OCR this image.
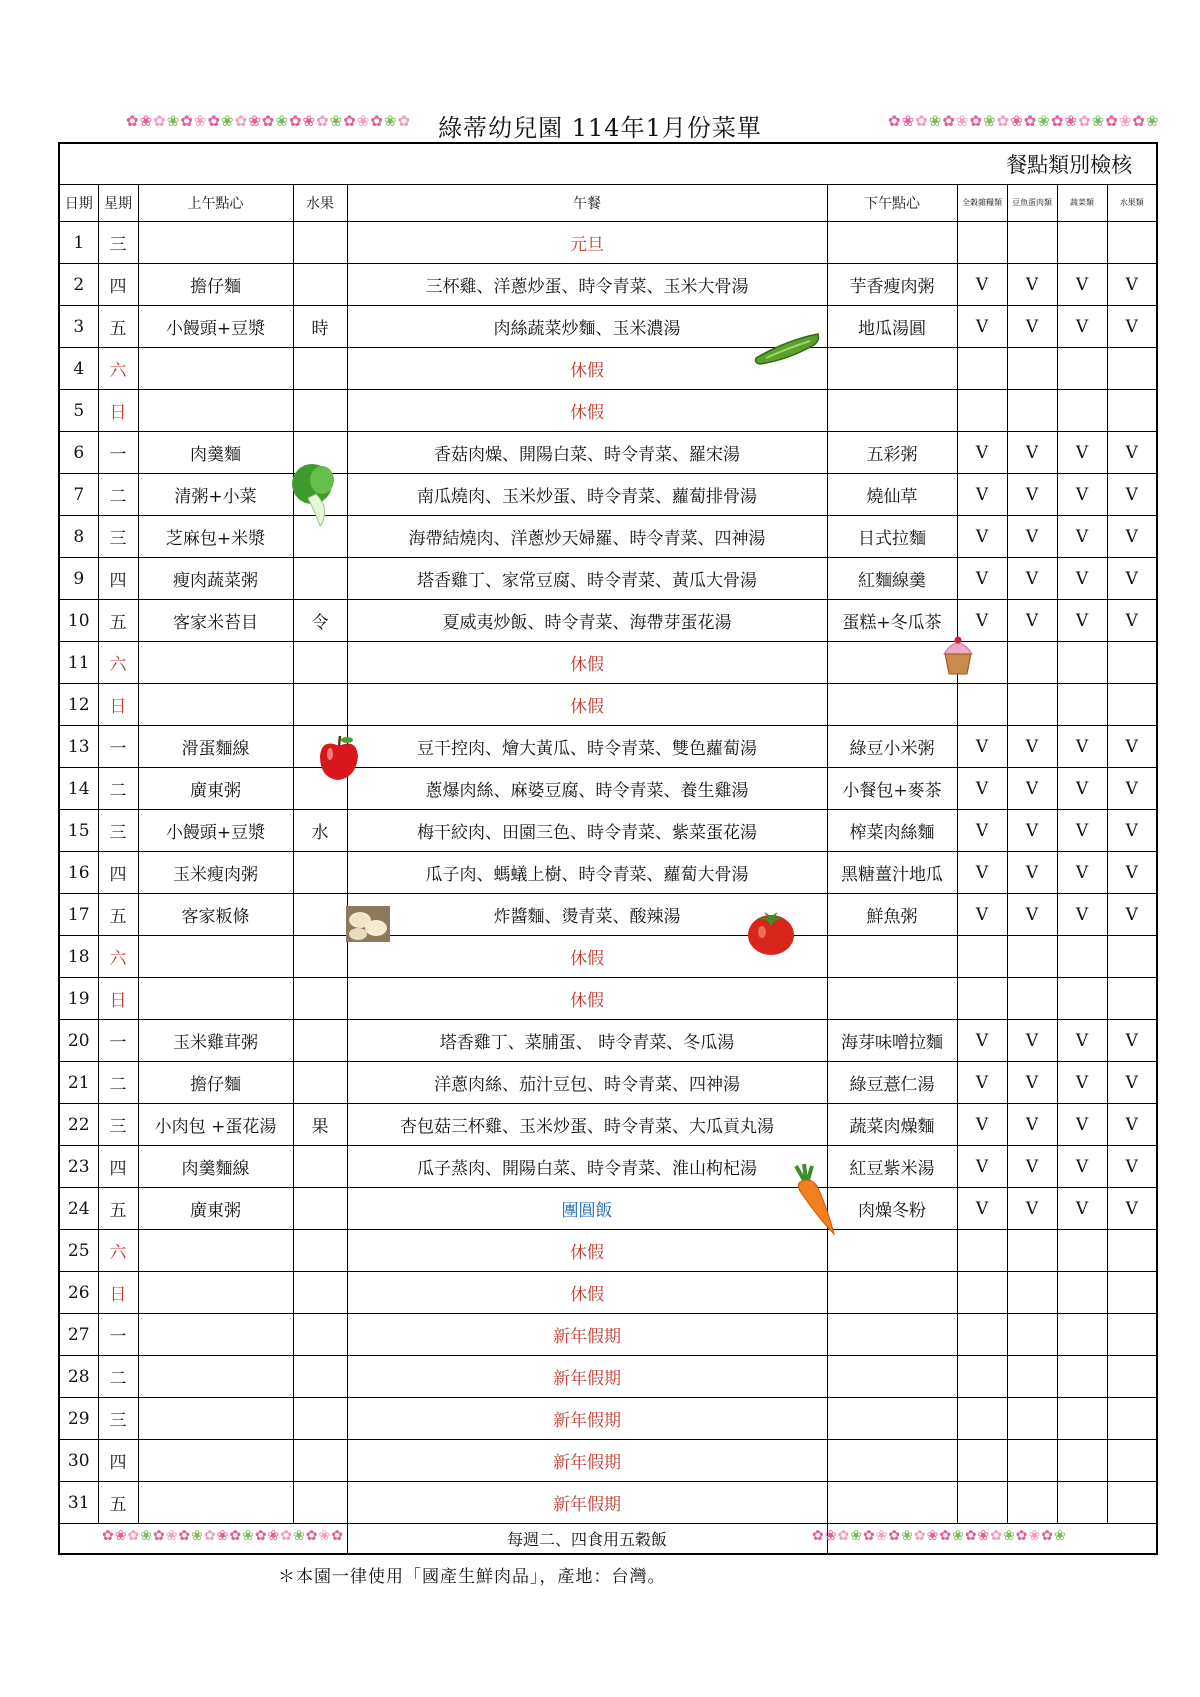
綠蒂幼兒園 114年1月份菜單
✿❀✿❀✿❀✿❀✿❀✿❀✿❀✿❀✿❀✿❀✿	✿❀✿❀✿❀✿❀✿❀✿❀✿❀✿❀✿❀✿❀
餐點類別檢核									
日期	星期	上午點心	水果	午餐	下午點心	全穀雜糧類	豆魚蛋肉類	蔬菜類	水果類
1	三			元旦					
2	四	擔仔麵		三杯雞、洋蔥炒蛋、時令青菜、玉米大骨湯	芋香瘦肉粥	V	V	V	V
3	五	小饅頭+豆漿	時	肉絲蔬菜炒麵、玉米濃湯	地瓜湯圓	V	V	V	V
4	六			休假					
5	日			休假					
6	一	肉羹麵		香菇肉燥、開陽白菜、時令青菜、羅宋湯	五彩粥	V	V	V	V
7	二	清粥+小菜		南瓜燒肉、玉米炒蛋、時令青菜、蘿蔔排骨湯	燒仙草	V	V	V	V
8	三	芝麻包+米漿		海帶結燒肉、洋蔥炒天婦羅、時令青菜、四神湯	日式拉麵	V	V	V	V
9	四	瘦肉蔬菜粥		塔香雞丁、家常豆腐、時令青菜、黃瓜大骨湯	紅麵線羹	V	V	V	V
10	五	客家米苔目	令	夏威夷炒飯、時令青菜、海帶芽蛋花湯	蛋糕+冬瓜茶	V	V	V	V
11	六			休假					
12	日			休假					
13	一	滑蛋麵線		豆干控肉、燴大黃瓜、時令青菜、雙色蘿蔔湯	綠豆小米粥	V	V	V	V
14	二	廣東粥		蔥爆肉絲、麻婆豆腐、時令青菜、養生雞湯	小餐包+麥茶	V	V	V	V
15	三	小饅頭+豆漿	水	梅干絞肉、田園三色、時令青菜、紫菜蛋花湯	榨菜肉絲麵	V	V	V	V
16	四	玉米瘦肉粥		瓜子肉、螞蟻上樹、時令青菜、蘿蔔大骨湯	黑糖薑汁地瓜	V	V	V	V
17	五	客家粄條		炸醬麵、燙青菜、酸辣湯	鮮魚粥	V	V	V	V
18	六			休假					
19	日			休假					
20	一	玉米雞茸粥		塔香雞丁、菜脯蛋、 時令青菜、冬瓜湯	海芽味噌拉麵	V	V	V	V
21	二	擔仔麵		洋蔥肉絲、茄汁豆包、時令青菜、四神湯	綠豆薏仁湯	V	V	V	V
22	三	小肉包 +蛋花湯	果	杏包菇三杯雞、玉米炒蛋、時令青菜、大瓜貢丸湯	蔬菜肉燥麵	V	V	V	V
23	四	肉羹麵線		瓜子蒸肉、開陽白菜、時令青菜、淮山枸杞湯	紅豆紫米湯	V	V	V	V
24	五	廣東粥		團圓飯	肉燥冬粉	V	V	V	V
25	六			休假					
26	日			休假					
27	一			新年假期					
28	二			新年假期					
29	三			新年假期					
30	四			新年假期					
31	五			新年假期					
				每週二、四食用五穀飯					
✿❀✿❀✿❀✿❀✿❀✿❀✿❀✿❀✿❀✿	✿❀✿❀✿❀✿❀✿❀✿❀✿❀✿❀✿❀✿❀
＊本園一律使用「國產生鮮肉品」，產地：台灣。
